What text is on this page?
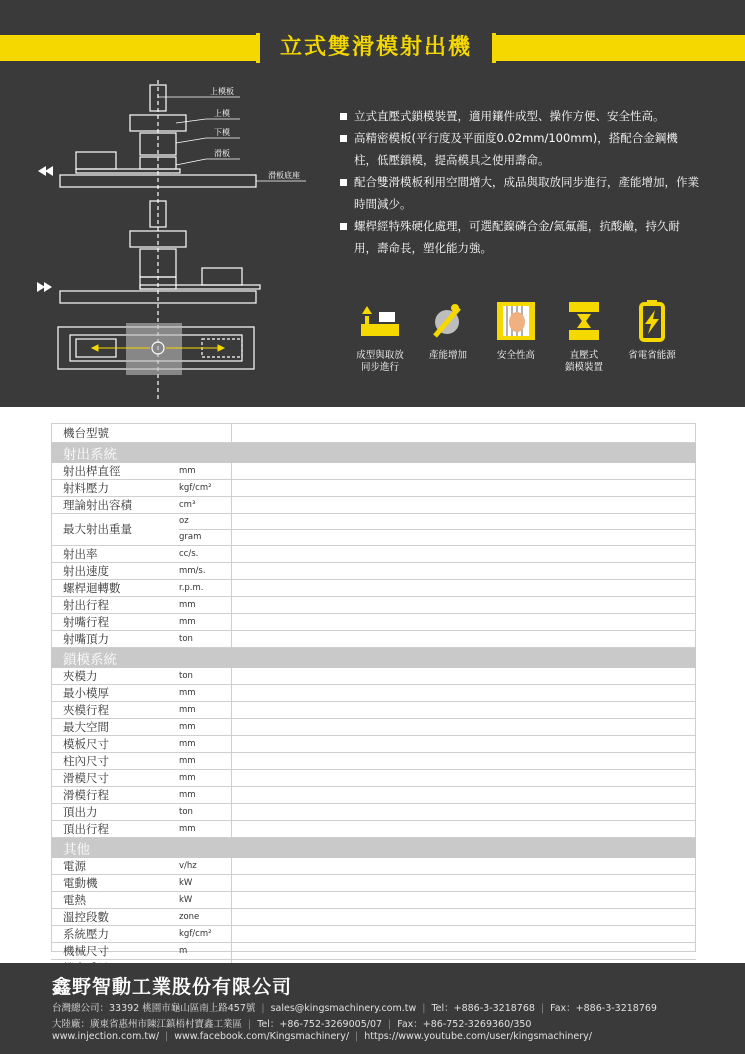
立式雙滑模射出機
上模板
上模
下模
滑板
滑板底座
立式直壓式鎖模裝置，適用鑲件成型、操作方便、安全性高。
高精密模板(平行度及平面度0.02mm/100mm)，搭配合金鋼機柱，低壓鎖模，提高模具之使用壽命。
配合雙滑模板利用空間增大，成品與取放同步進行，產能增加，作業時間減少。
螺桿經特殊硬化處理，可選配鎳磷合金/氮氟龍，抗酸鹼，持久耐用，壽命長，塑化能力強。
成型與取放
同步進行
產能增加	安全性高	直壓式
鎖模裝置
省電省能源
機台型號		
射出系統		
射出桿直徑	mm	
射料壓力	kgf/cm²	
理論射出容積	cm³	
最大射出重量	oz	
	gram	
射出率	cc/s.	
射出速度	mm/s.	
螺桿迴轉數	r.p.m.	
射出行程	mm	
射嘴行程	mm	
射嘴頂力	ton	
鎖模系統		
夾模力	ton	
最小模厚	mm	
夾模行程	mm	
最大空間	mm	
模板尺寸	mm	
柱內尺寸	mm	
滑模尺寸	mm	
滑模行程	mm	
頂出力	ton	
頂出行程	mm	
其他		
電源	v/hz	
電動機	kW	
電熱	kW	
溫控段數	zone	
系統壓力	kgf/cm²	
機械尺寸	m	

鑫野智動工業股份有限公司
台灣總公司：33392 桃園市龜山區南上路457號 | sales@kingsmachinery.com.tw | Tel：+886-3-3218768 | Fax：+886-3-3218769
大陸廠：廣東省惠州市陳江鎮梧村寶鑫工業區 | Tel：+86-752-3269005/07 | Fax：+86-752-3269360/350
www.injection.com.tw/ | www.facebook.com/Kingsmachinery/ | https://www.youtube.com/user/kingsmachinery/
